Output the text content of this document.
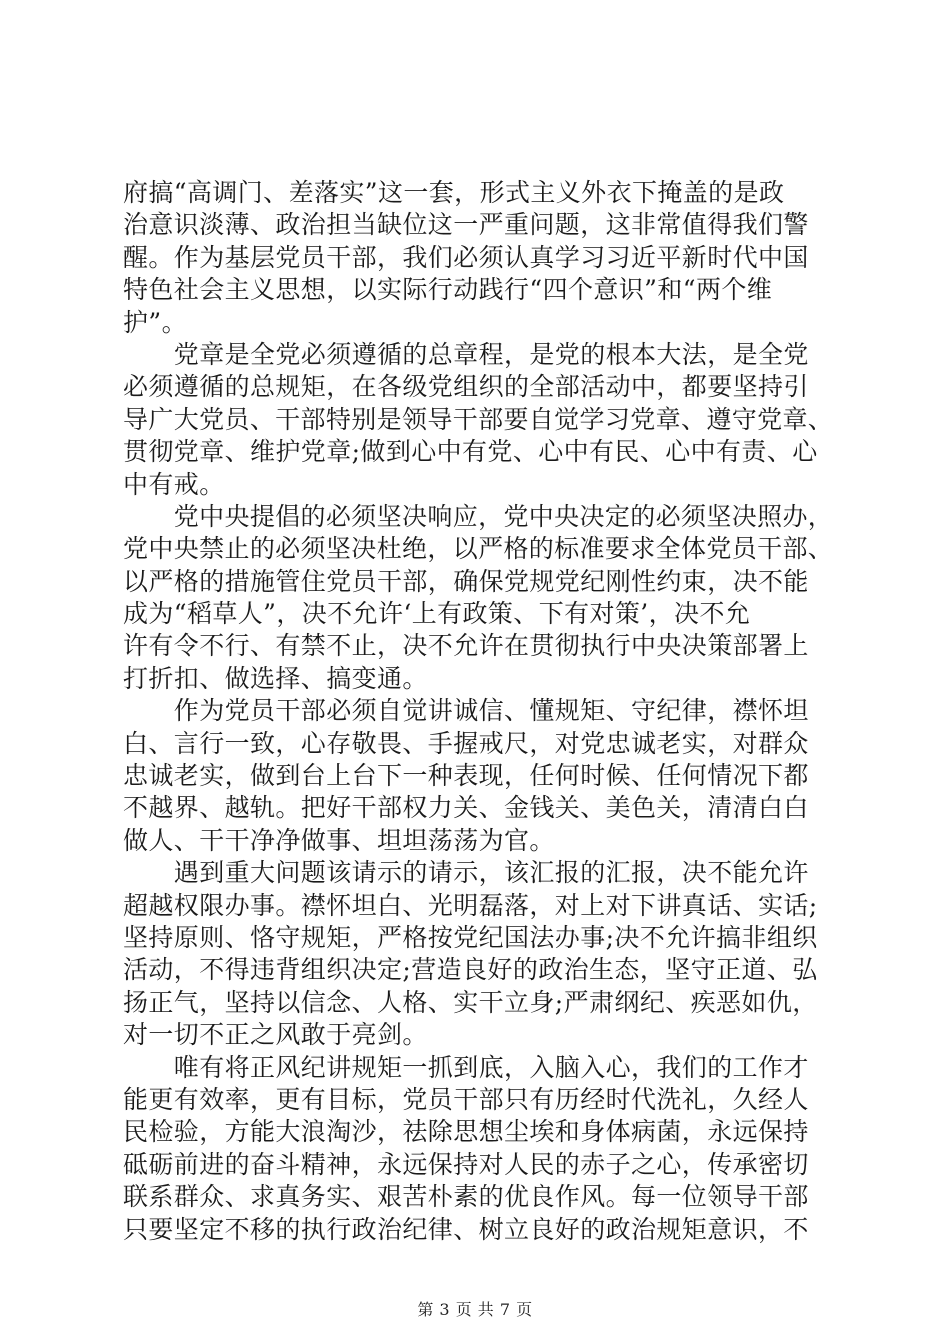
府搞“高调门、差落实”这一套，形式主义外衣下掩盖的是政
治意识淡薄、政治担当缺位这一严重问题，这非常值得我们警
醒。作为基层党员干部，我们必须认真学习习近平新时代中国
特色社会主义思想，以实际行动践行“四个意识”和“两个维
护”。
　　党章是全党必须遵循的总章程，是党的根本大法，是全党
必须遵循的总规矩，在各级党组织的全部活动中，都要坚持引
导广大党员、干部特别是领导干部要自觉学习党章、遵守党章、
贯彻党章、维护党章;做到心中有党、心中有民、心中有责、心
中有戒。
　　党中央提倡的必须坚决响应，党中央决定的必须坚决照办，
党中央禁止的必须坚决杜绝，以严格的标准要求全体党员干部、
以严格的措施管住党员干部，确保党规党纪刚性约束，决不能
成为“稻草人”，决不允许‘上有政策、下有对策’，决不允
许有令不行、有禁不止，决不允许在贯彻执行中央决策部署上
打折扣、做选择、搞变通。
　　作为党员干部必须自觉讲诚信、懂规矩、守纪律，襟怀坦
白、言行一致，心存敬畏、手握戒尺，对党忠诚老实，对群众
忠诚老实，做到台上台下一种表现，任何时候、任何情况下都
不越界、越轨。把好干部权力关、金钱关、美色关，清清白白
做人、干干净净做事、坦坦荡荡为官。
　　遇到重大问题该请示的请示，该汇报的汇报，决不能允许
超越权限办事。襟怀坦白、光明磊落，对上对下讲真话、实话;
坚持原则、恪守规矩，严格按党纪国法办事;决不允许搞非组织
活动，不得违背组织决定;营造良好的政治生态，坚守正道、弘
扬正气，坚持以信念、人格、实干立身;严肃纲纪、疾恶如仇，
对一切不正之风敢于亮剑。
　　唯有将正风纪讲规矩一抓到底，入脑入心，我们的工作才
能更有效率，更有目标，党员干部只有历经时代洗礼，久经人
民检验，方能大浪淘沙，祛除思想尘埃和身体病菌，永远保持
砥砺前进的奋斗精神，永远保持对人民的赤子之心，传承密切
联系群众、求真务实、艰苦朴素的优良作风。每一位领导干部
只要坚定不移的执行政治纪律、树立良好的政治规矩意识，不
第 3 页 共 7 页
